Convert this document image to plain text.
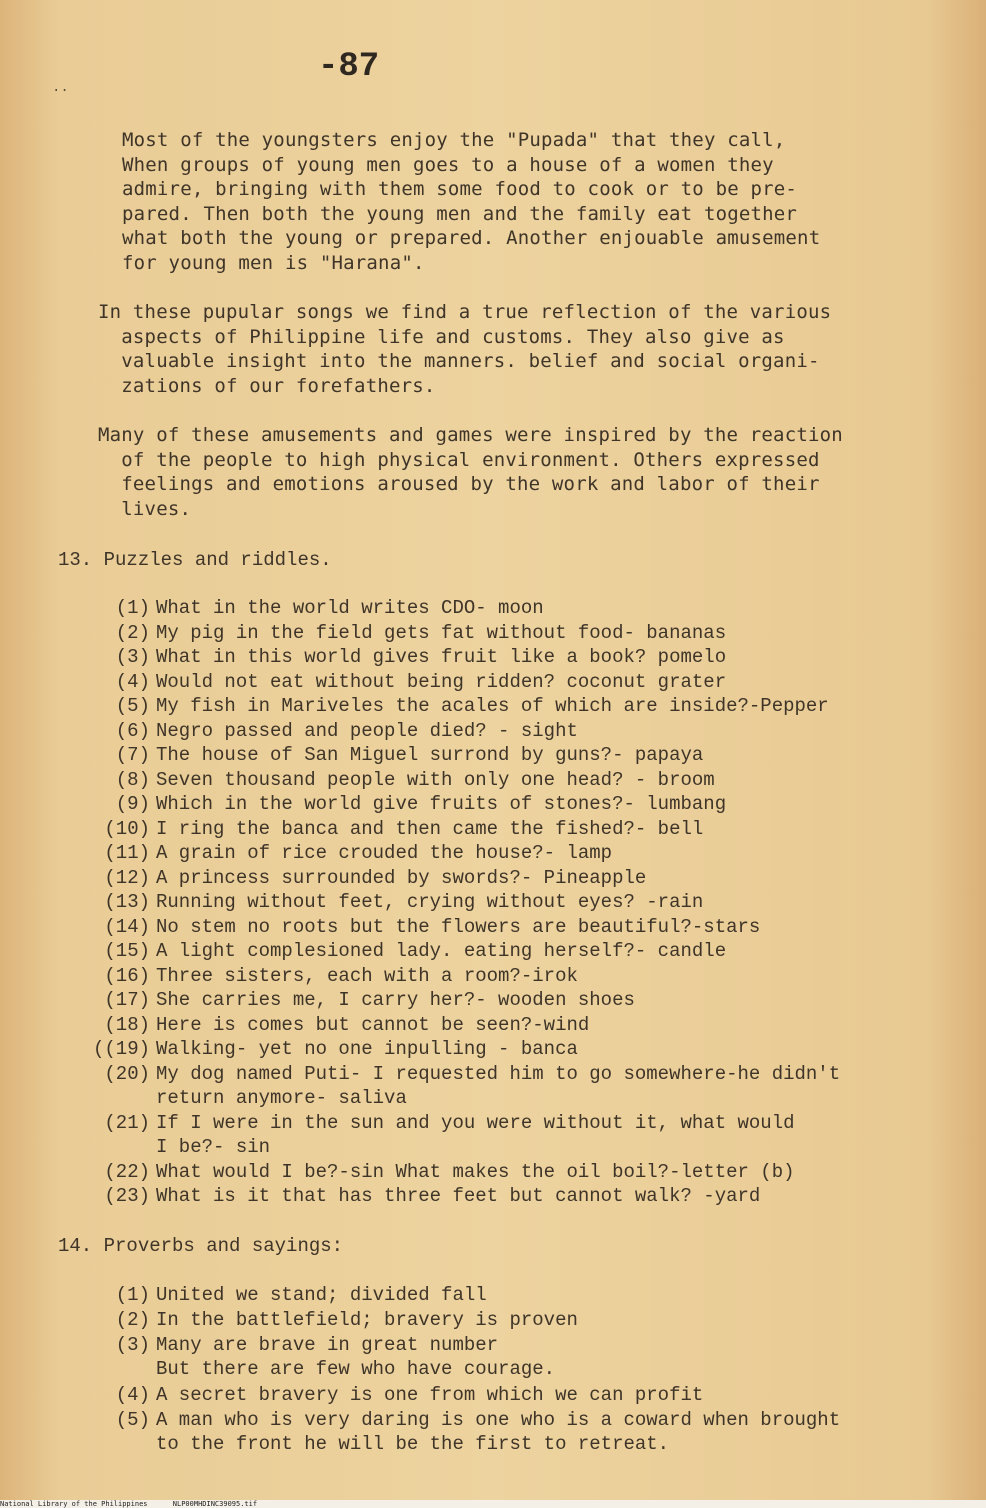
..
-87
Most of the youngsters enjoy the "Pupada" that they call,
When groups of young men goes to a house of a women they
admire, bringing with them some food to cook or to be pre-
pared. Then both the young men and the family eat together
what both the young or prepared. Another enjouable amusement
for young men is "Harana".
In these pupular songs we find a true reflection of the various
aspects of Philippine life and customs. They also give as
valuable insight into the manners. belief and social organi-
zations of our forefathers.
Many of these amusements and games were inspired by the reaction
of the people to high physical environment. Others expressed
feelings and emotions aroused by the work and labor of their
lives.
13. Puzzles and riddles.
(1) What in the world writes CDO- moon
(2) My pig in the field gets fat without food- bananas
(3) What in this world gives fruit like a book? pomelo
(4) Would not eat without being ridden? coconut grater
(5) My fish in Mariveles the acales of which are inside?-Pepper
(6) Negro passed and people died? - sight
(7) The house of San Miguel surrond by guns?- papaya
(8) Seven thousand people with only one head? - broom
(9) Which in the world give fruits of stones?- lumbang
(10) I ring the banca and then came the fished?- bell
(11) A grain of rice crouded the house?- lamp
(12) A princess surrounded by swords?- Pineapple
(13) Running without feet, crying without eyes? -rain
(14) No stem no roots but the flowers are beautiful?-stars
(15) A light complesioned lady. eating herself?- candle
(16) Three sisters, each with a room?-irok
(17) She carries me, I carry her?- wooden shoes
(18) Here is comes but cannot be seen?-wind
((19) Walking- yet no one inpulling - banca
(20) My dog named Puti- I requested him to go somewhere-he didn't
return anymore- saliva
(21) If I were in the sun and you were without it, what would
I be?- sin
(22) What would I be?-sin What makes the oil boil?-letter (b)
(23) What is it that has three feet but cannot walk? -yard
14. Proverbs and sayings:
(1) United we stand; divided fall
(2) In the battlefield; bravery is proven
(3) Many are brave in great number
But there are few who have courage.
(4) A secret bravery is one from which we can profit
(5) A man who is very daring is one who is a coward when brought
to the front he will be the first to retreat.
National Library of the Philippines      NLP00MHDINC39095.tif
